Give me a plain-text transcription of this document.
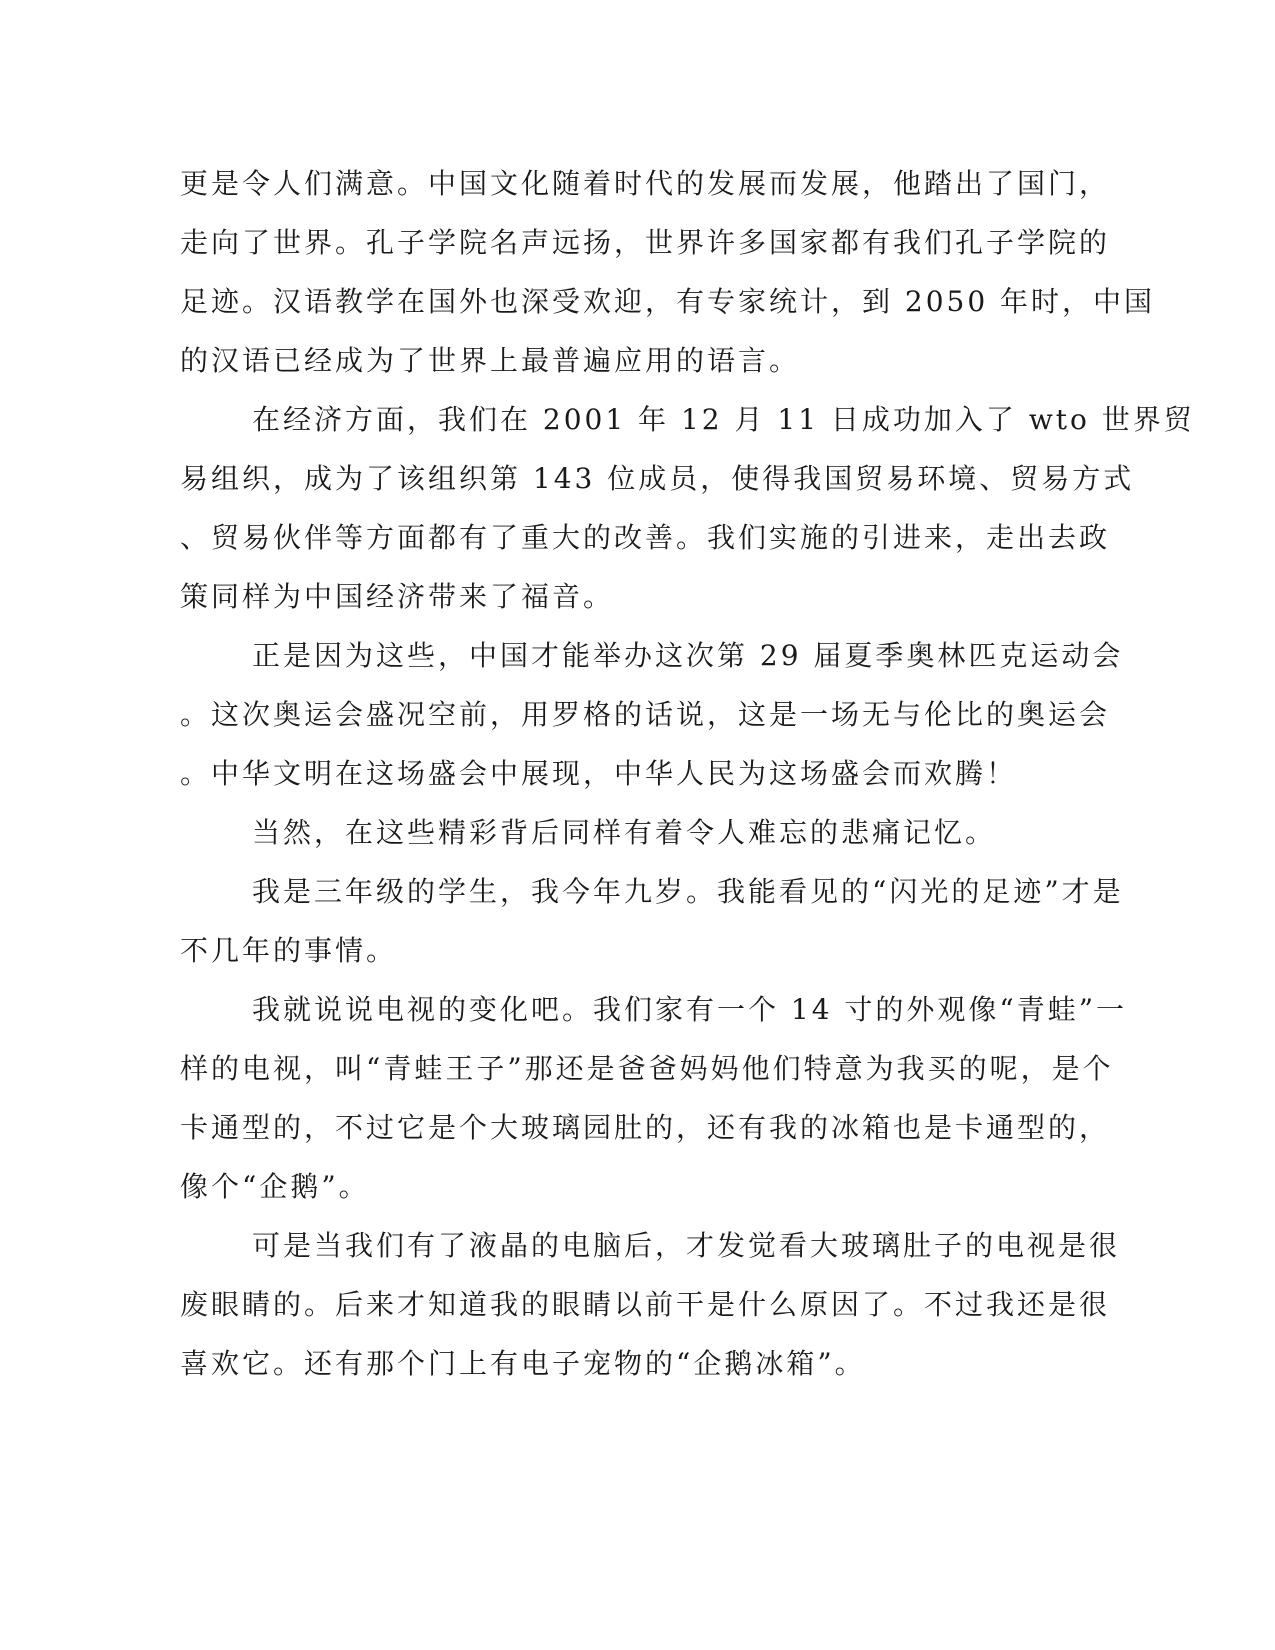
更是令人们满意。中国文化随着时代的发展而发展，他踏出了国门，
走向了世界。孔子学院名声远扬，世界许多国家都有我们孔子学院的
足迹。汉语教学在国外也深受欢迎，有专家统计，到 2050 年时，中国
的汉语已经成为了世界上最普遍应用的语言。
在经济方面，我们在 2001 年 12 月 11 日成功加入了 wto 世界贸
易组织，成为了该组织第 143 位成员，使得我国贸易环境、贸易方式
、贸易伙伴等方面都有了重大的改善。我们实施的引进来，走出去政
策同样为中国经济带来了福音。
正是因为这些，中国才能举办这次第 29 届夏季奥林匹克运动会
。这次奥运会盛况空前，用罗格的话说，这是一场无与伦比的奥运会
。中华文明在这场盛会中展现，中华人民为这场盛会而欢腾！
当然，在这些精彩背后同样有着令人难忘的悲痛记忆。
我是三年级的学生，我今年九岁。我能看见的“闪光的足迹”才是
不几年的事情。
我就说说电视的变化吧。我们家有一个 14 寸的外观像“青蛙”一
样的电视，叫“青蛙王子”那还是爸爸妈妈他们特意为我买的呢，是个
卡通型的，不过它是个大玻璃园肚的，还有我的冰箱也是卡通型的，
像个“企鹅”。
可是当我们有了液晶的电脑后，才发觉看大玻璃肚子的电视是很
废眼睛的。后来才知道我的眼睛以前干是什么原因了。不过我还是很
喜欢它。还有那个门上有电子宠物的“企鹅冰箱”。
